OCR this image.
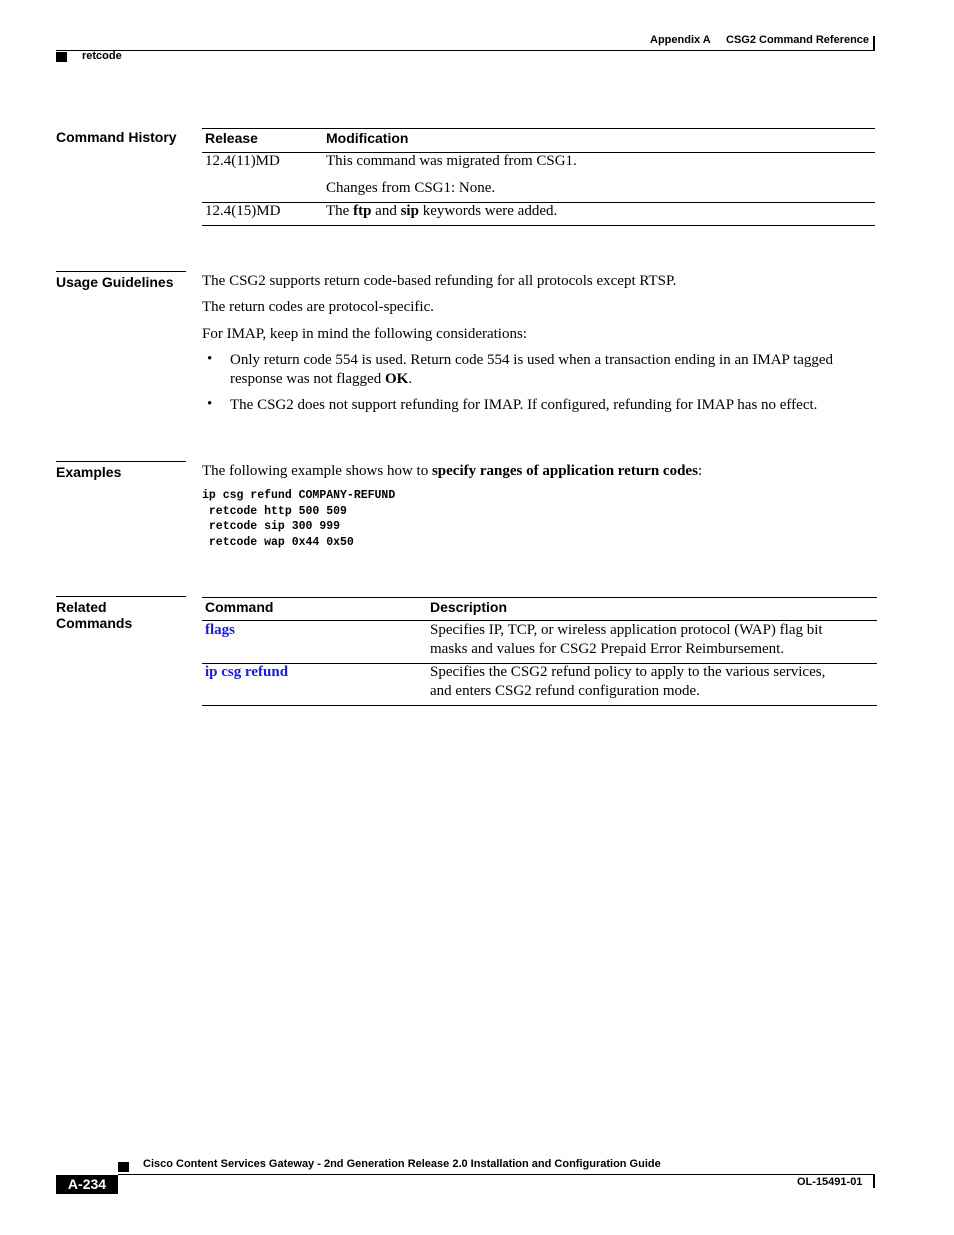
Appendix A CSG2 Command Reference
retcode
Command History	Release	Modification
12.4(11)MD	This command was migrated from CSG1.
Changes from CSG1: None.
12.4(15)MD	The ftp and sip keywords were added.
Usage Guidelines	The CSG2 supports return code-based refunding for all protocols except RTSP.
The return codes are protocol-specific.
For IMAP, keep in mind the following considerations:
• Only return code 554 is used. Return code 554 is used when a transaction ending in an IMAP tagged
response was not flagged OK.
• The CSG2 does not support refunding for IMAP. If configured, refunding for IMAP has no effect.
Examples	The following example shows how to specify ranges of application return codes:
ip csg refund COMPANY-REFUND
retcode http 500 509
retcode sip 300 999
retcode wap 0x44 0x50
Related Commands
Command	Description
flags	Specifies IP, TCP, or wireless application protocol (WAP) flag bit
masks and values for CSG2 Prepaid Error Reimbursement.
ip csg refund	Specifies the CSG2 refund policy to apply to the various services,
and enters CSG2 refund configuration mode.
Cisco Content Services Gateway - 2nd Generation Release 2.0 Installation and Configuration Guide
A-234	OL-15491-01
